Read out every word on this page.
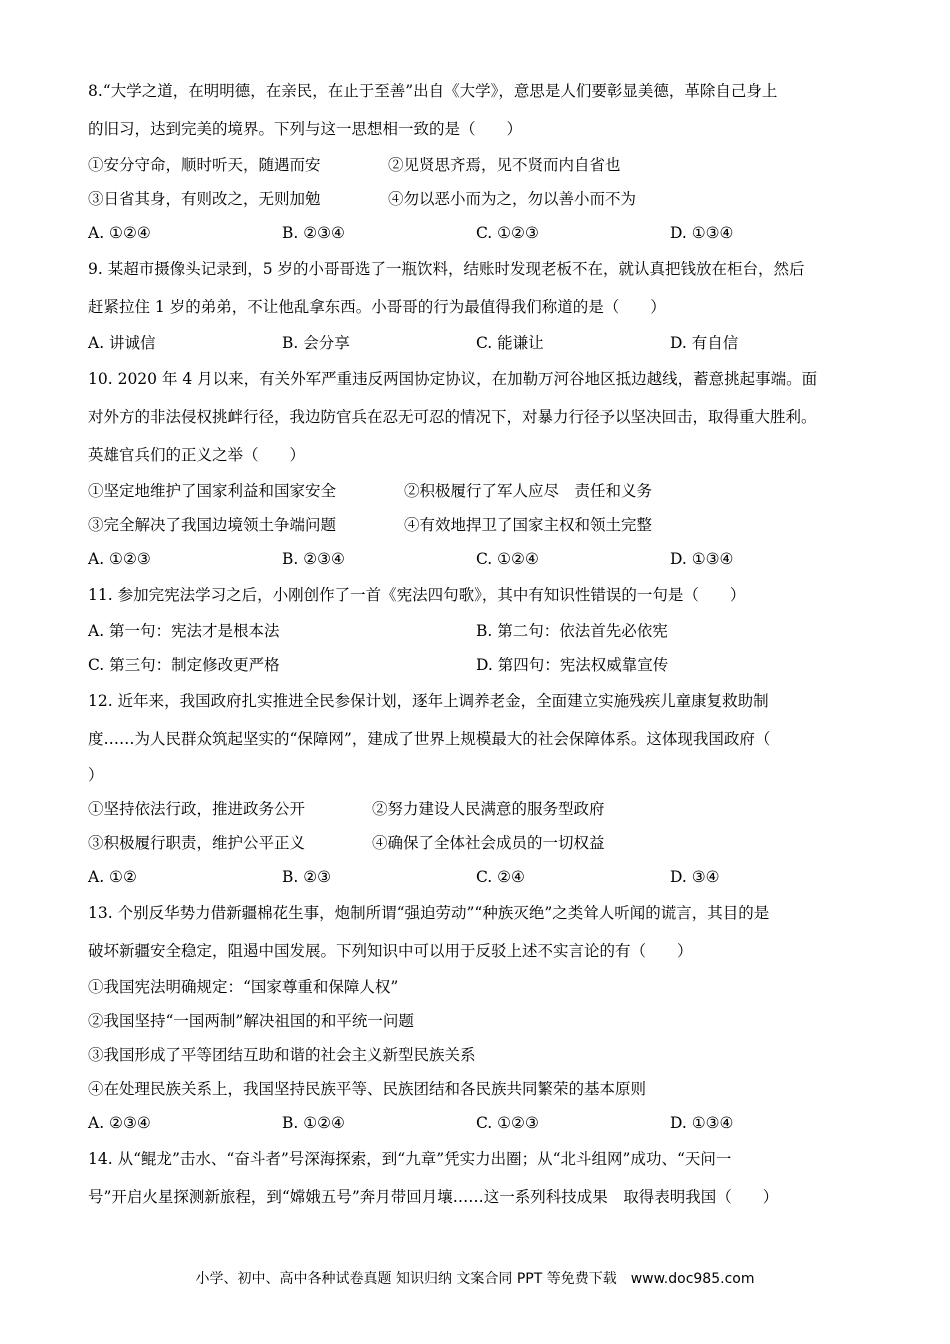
8.“大学之道，在明明德，在亲民，在止于至善”出自《大学》，意思是人们要彰显美德，革除自己身上
的旧习，达到完美的境界。下列与这一思想相一致的是（　　）
①安分守命，顺时听天，随遇而安	②见贤思齐焉，见不贤而内自省也
③日省其身，有则改之，无则加勉	④勿以恶小而为之，勿以善小而不为
A. ①②④	B. ②③④	C. ①②③	D. ①③④
9. 某超市摄像头记录到，5 岁的小哥哥选了一瓶饮料，结账时发现老板不在，就认真把钱放在柜台，然后
赶紧拉住 1 岁的弟弟，不让他乱拿东西。小哥哥的行为最值得我们称道的是（　　）
A. 讲诚信	B. 会分享	C. 能谦让	D. 有自信
10. 2020 年 4 月以来，有关外军严重违反两国协定协议，在加勒万河谷地区抵边越线，蓄意挑起事端。面
对外方的非法侵权挑衅行径，我边防官兵在忍无可忍的情况下，对暴力行径予以坚决回击，取得重大胜利。
英雄官兵们的正义之举（　　）
①坚定地维护了国家利益和国家安全	②积极履行了军人应尽　责任和义务
③完全解决了我国边境领土争端问题	④有效地捍卫了国家主权和领土完整
A. ①②③	B. ②③④	C. ①②④	D. ①③④
11. 参加完宪法学习之后，小刚创作了一首《宪法四句歌》，其中有知识性错误的一句是（　　）
A. 第一句：宪法才是根本法	B. 第二句：依法首先必依宪
C. 第三句：制定修改更严格	D. 第四句：宪法权威靠宣传
12. 近年来，我国政府扎实推进全民参保计划，逐年上调养老金，全面建立实施残疾儿童康复救助制
度……为人民群众筑起坚实的“保障网”，建成了世界上规模最大的社会保障体系。这体现我国政府（
）
①坚持依法行政，推进政务公开	②努力建设人民满意的服务型政府
③积极履行职责，维护公平正义	④确保了全体社会成员的一切权益
A. ①②	B. ②③	C. ②④	D. ③④
13. 个别反华势力借新疆棉花生事，炮制所谓“强迫劳动”“种族灭绝”之类耸人听闻的谎言，其目的是
破坏新疆安全稳定，阻遏中国发展。下列知识中可以用于反驳上述不实言论的有（　　）
①我国宪法明确规定：“国家尊重和保障人权”
②我国坚持“一国两制”解决祖国的和平统一问题
③我国形成了平等团结互助和谐的社会主义新型民族关系
④在处理民族关系上，我国坚持民族平等、民族团结和各民族共同繁荣的基本原则
A. ②③④	B. ①②④	C. ①②③	D. ①③④
14. 从“鲲龙”击水、“奋斗者”号深海探索，到“九章”凭实力出圈；从“北斗组网”成功、“天问一
号”开启火星探测新旅程，到“嫦娥五号”奔月带回月壤……这一系列科技成果　取得表明我国（　　）
小学、初中、高中各种试卷真题 知识归纳 文案合同 PPT 等免费下载　www.doc985.com
